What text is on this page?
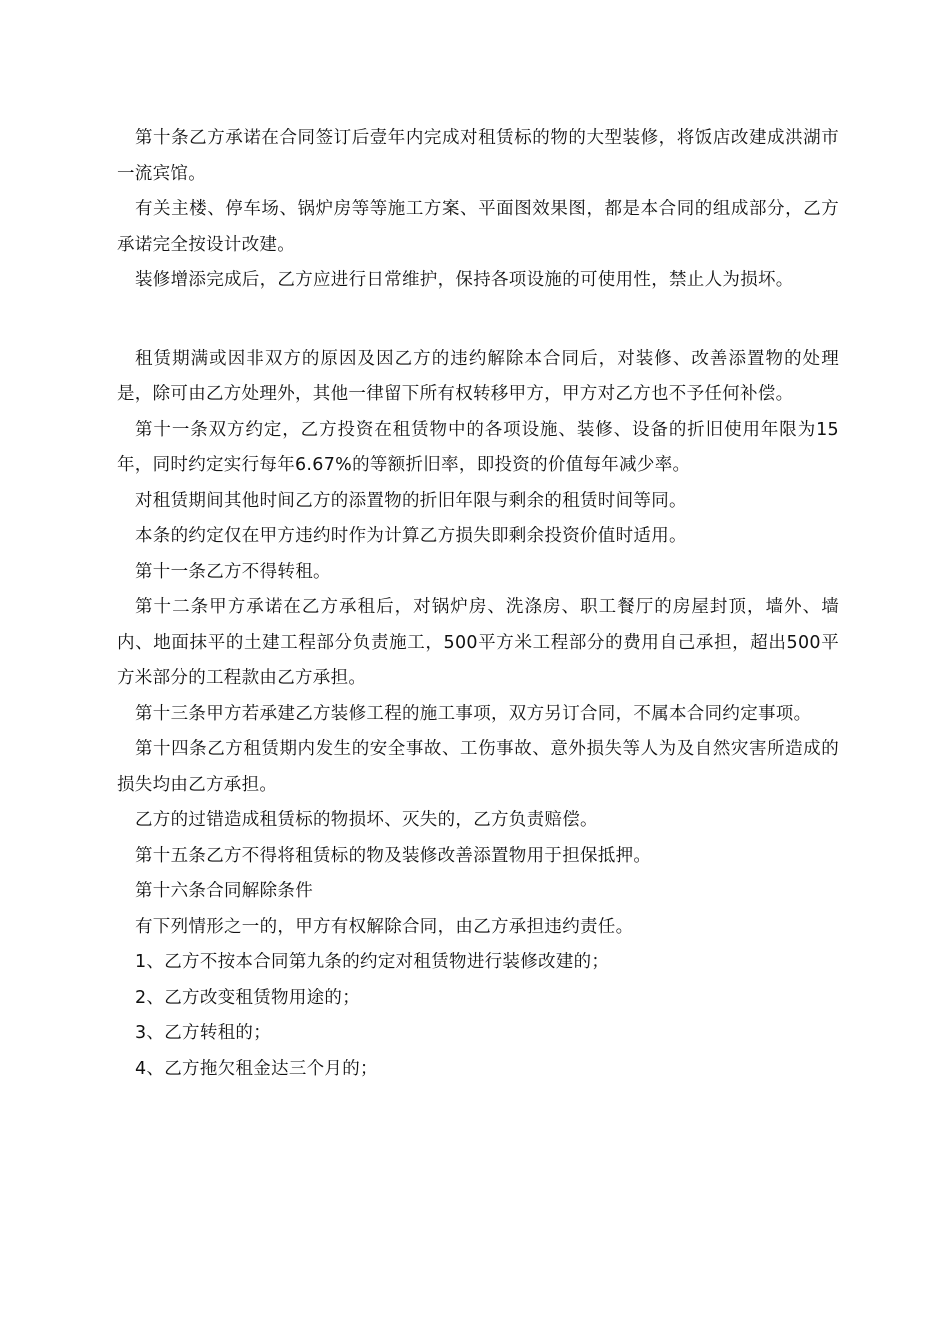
第十条乙方承诺在合同签订后壹年内完成对租赁标的物的大型装修，将饭店改建成洪湖市一流宾馆。

有关主楼、停车场、锅炉房等等施工方案、平面图效果图，都是本合同的组成部分，乙方承诺完全按设计改建。

装修增添完成后，乙方应进行日常维护，保持各项设施的可使用性，禁止人为损坏。

租赁期满或因非双方的原因及因乙方的违约解除本合同后，对装修、改善添置物的处理是，除可由乙方处理外，其他一律留下所有权转移甲方，甲方对乙方也不予任何补偿。

第十一条双方约定，乙方投资在租赁物中的各项设施、装修、设备的折旧使用年限为15年，同时约定实行每年6.67%的等额折旧率，即投资的价值每年减少率。

对租赁期间其他时间乙方的添置物的折旧年限与剩余的租赁时间等同。

本条的约定仅在甲方违约时作为计算乙方损失即剩余投资价值时适用。

第十一条乙方不得转租。

第十二条甲方承诺在乙方承租后，对锅炉房、洗涤房、职工餐厅的房屋封顶，墙外、墙内、地面抹平的土建工程部分负责施工，500平方米工程部分的费用自己承担，超出500平方米部分的工程款由乙方承担。

第十三条甲方若承建乙方装修工程的施工事项，双方另订合同，不属本合同约定事项。

第十四条乙方租赁期内发生的安全事故、工伤事故、意外损失等人为及自然灾害所造成的损失均由乙方承担。

乙方的过错造成租赁标的物损坏、灭失的，乙方负责赔偿。

第十五条乙方不得将租赁标的物及装修改善添置物用于担保抵押。

第十六条合同解除条件

有下列情形之一的，甲方有权解除合同，由乙方承担违约责任。

1、乙方不按本合同第九条的约定对租赁物进行装修改建的；

2、乙方改变租赁物用途的；

3、乙方转租的；

4、乙方拖欠租金达三个月的；
